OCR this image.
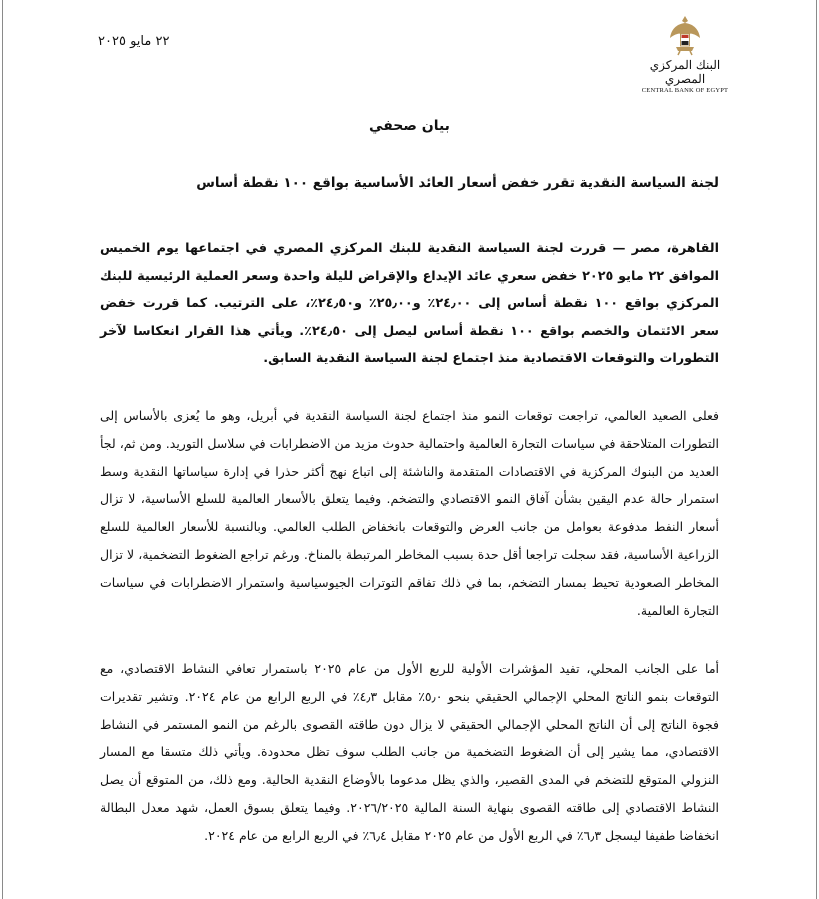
٢٢ مايو ٢٠٢٥
البنك المركزي المصري
CENTRAL BANK OF EGYPT
بيان صحفي
لجنة السياسة النقدية تقرر خفض أسعار العائد الأساسية بواقع ١٠٠ نقطة أساس
القاهرة، مصر — قررت لجنة السياسة النقدية للبنك المركزي المصري في اجتماعها يوم الخميس الموافق ٢٢ مايو ٢٠٢٥ خفض سعري عائد الإيداع والإقراض لليلة واحدة وسعر العملية الرئيسية للبنك المركزي بواقع ١٠٠ نقطة أساس إلى ٢٤٫٠٠٪ و٢٥٫٠٠٪ و٢٤٫٥٠٪، على الترتيب. كما قررت خفض سعر الائتمان والخصم بواقع ١٠٠ نقطة أساس ليصل إلى ٢٤٫٥٠٪. ويأتي هذا القرار انعكاسا لآخر التطورات والتوقعات الاقتصادية منذ اجتماع لجنة السياسة النقدية السابق.
فعلى الصعيد العالمي، تراجعت توقعات النمو منذ اجتماع لجنة السياسة النقدية في أبريل، وهو ما يُعزى بالأساس إلى التطورات المتلاحقة في سياسات التجارة العالمية واحتمالية حدوث مزيد من الاضطرابات في سلاسل التوريد. ومن ثم، لجأ العديد من البنوك المركزية في الاقتصادات المتقدمة والناشئة إلى اتباع نهج أكثر حذرا في إدارة سياساتها النقدية وسط استمرار حالة عدم اليقين بشأن آفاق النمو الاقتصادي والتضخم. وفيما يتعلق بالأسعار العالمية للسلع الأساسية، لا تزال أسعار النفط مدفوعة بعوامل من جانب العرض والتوقعات بانخفاض الطلب العالمي. وبالنسبة للأسعار العالمية للسلع الزراعية الأساسية، فقد سجلت تراجعا أقل حدة بسبب المخاطر المرتبطة بالمناخ. ورغم تراجع الضغوط التضخمية، لا تزال المخاطر الصعودية تحيط بمسار التضخم، بما في ذلك تفاقم التوترات الجيوسياسية واستمرار الاضطرابات في سياسات التجارة العالمية.
أما على الجانب المحلي، تفيد المؤشرات الأولية للربع الأول من عام ٢٠٢٥ باستمرار تعافي النشاط الاقتصادي، مع التوقعات بنمو الناتج المحلي الإجمالي الحقيقي بنحو ٥٫٠٪ مقابل ٤٫٣٪ في الربع الرابع من عام ٢٠٢٤. وتشير تقديرات فجوة الناتج إلى أن الناتج المحلي الإجمالي الحقيقي لا يزال دون طاقته القصوى بالرغم من النمو المستمر في النشاط الاقتصادي، مما يشير إلى أن الضغوط التضخمية من جانب الطلب سوف تظل محدودة. ويأتي ذلك متسقا مع المسار النزولي المتوقع للتضخم في المدى القصير، والذي يظل مدعوما بالأوضاع النقدية الحالية. ومع ذلك، من المتوقع أن يصل النشاط الاقتصادي إلى طاقته القصوى بنهاية السنة المالية ٢٠٢٦/٢٠٢٥. وفيما يتعلق بسوق العمل، شهد معدل البطالة انخفاضا طفيفا ليسجل ٦٫٣٪ في الربع الأول من عام ٢٠٢٥ مقابل ٦٫٤٪ في الربع الرابع من عام ٢٠٢٤.
